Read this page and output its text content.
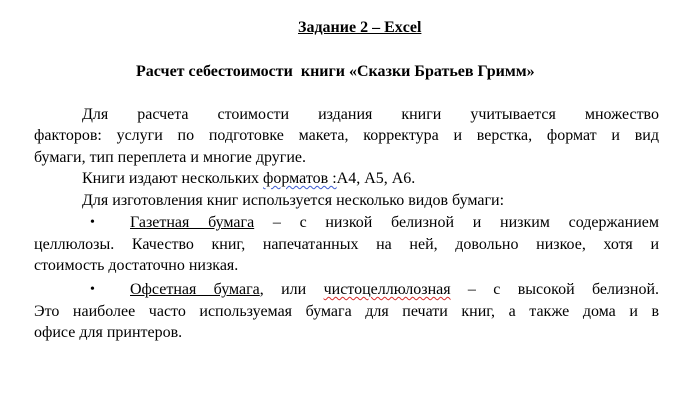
Задание 2 – Excel
Расчет себестоимости  книги «Сказки Братьев Гримм»
Для расчета стоимости издания книги учитывается множество
факторов: услуги по подготовке макета, корректура и верстка, формат и вид
бумаги, тип переплета и многие другие.
Книги издают нескольких форматов :А4, А5, А6.
Для изготовления книг используется несколько видов бумаги:
• Газетная бумага – с низкой белизной и низким содержанием
целлюлозы. Качество книг, напечатанных на ней, довольно низкое, хотя и
стоимость достаточно низкая.
• Офсетная бумага, или чистоцеллюлозная – с высокой белизной.
Это наиболее часто используемая бумага для печати книг, а также дома и в
офисе для принтеров.
